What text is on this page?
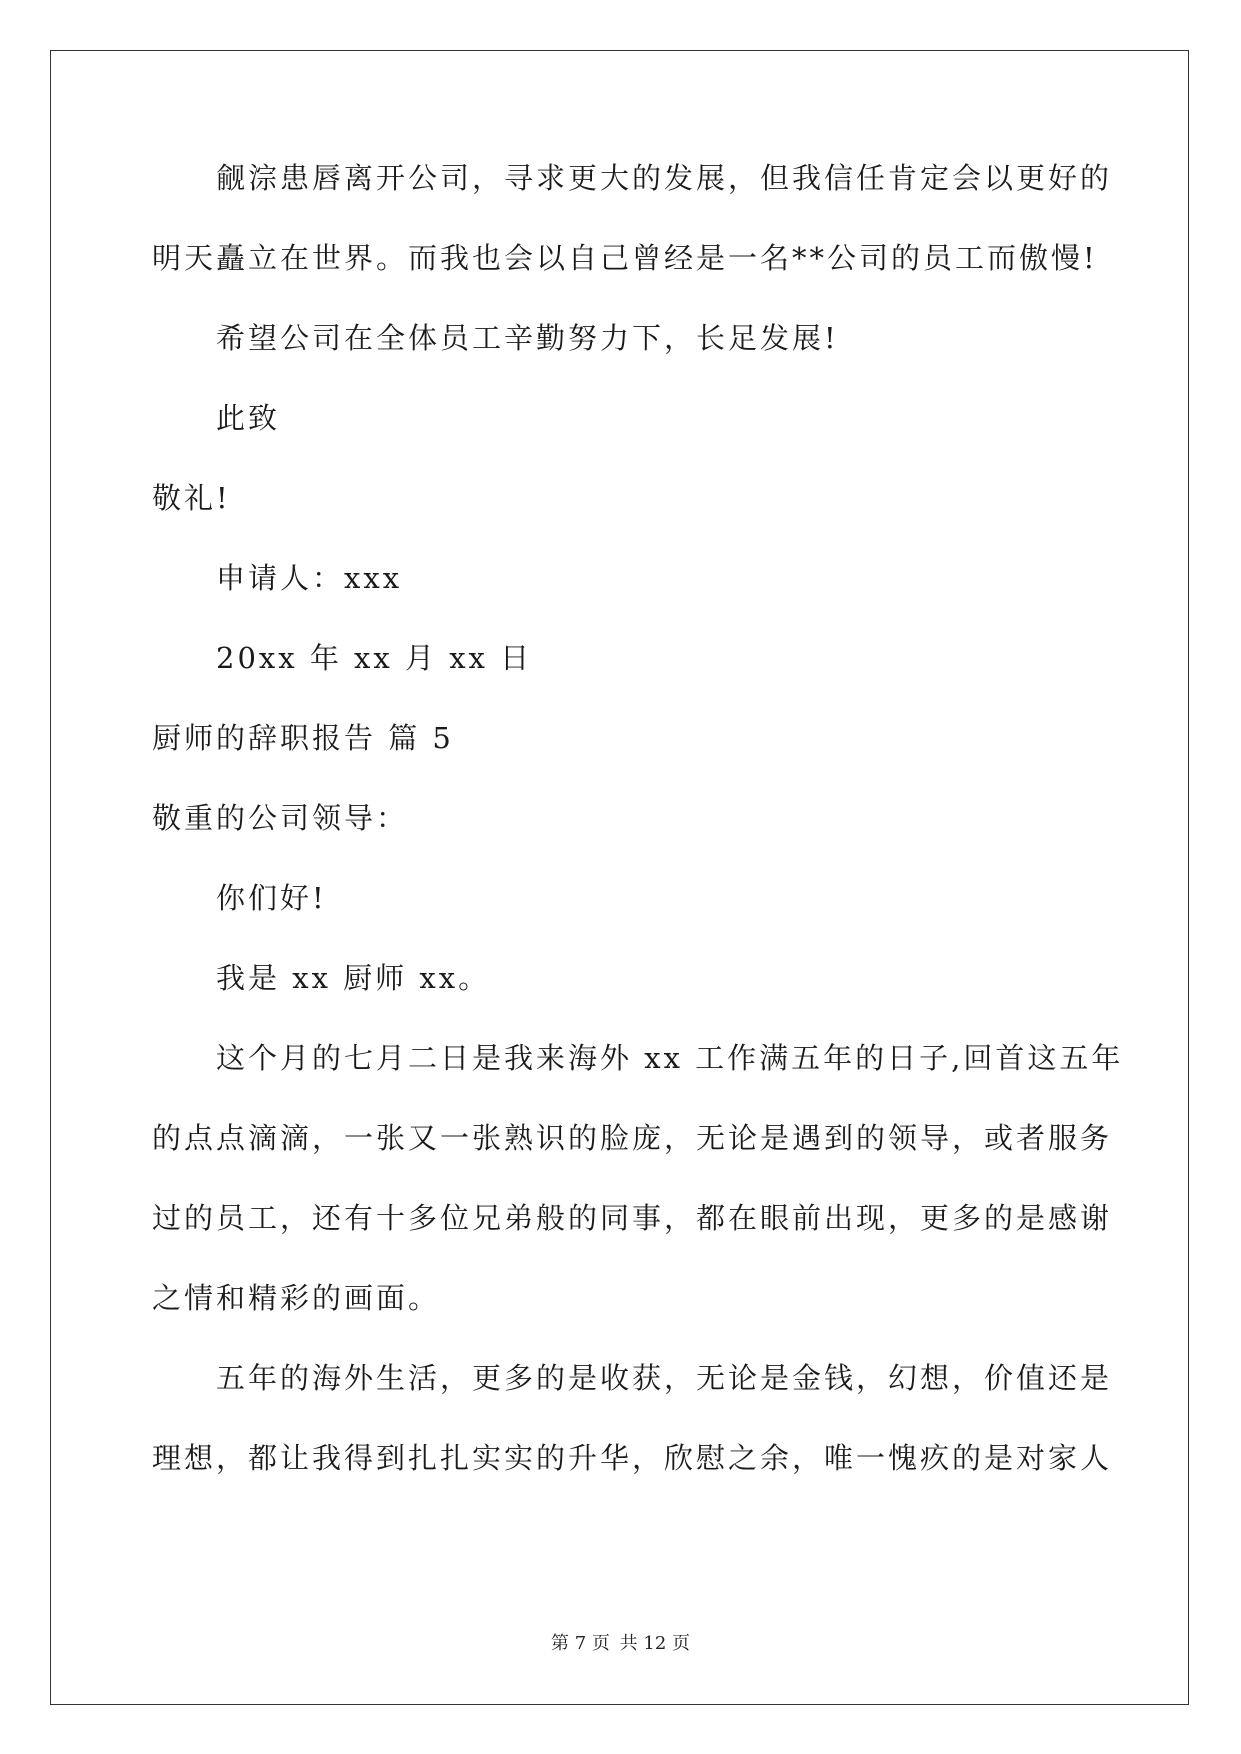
　　觎淙患唇离开公司，寻求更大的发展，但我信任肯定会以更好的
明天矗立在世界。而我也会以自己曾经是一名**公司的员工而傲慢!
　　希望公司在全体员工辛勤努力下，长足发展!
　　此致
敬礼!
　　申请人：xxx
　　20xx 年 xx 月 xx 日
厨师的辞职报告 篇 5
敬重的公司领导：
　　你们好!
　　我是 xx 厨师 xx。
　　这个月的七月二日是我来海外 xx 工作满五年的日子,回首这五年
的点点滴滴，一张又一张熟识的脸庞，无论是遇到的领导，或者服务
过的员工，还有十多位兄弟般的同事，都在眼前出现，更多的是感谢
之情和精彩的画面。
　　五年的海外生活，更多的是收获，无论是金钱，幻想，价值还是
理想，都让我得到扎扎实实的升华，欣慰之余，唯一愧疚的是对家人
第 7 页 共 12 页
